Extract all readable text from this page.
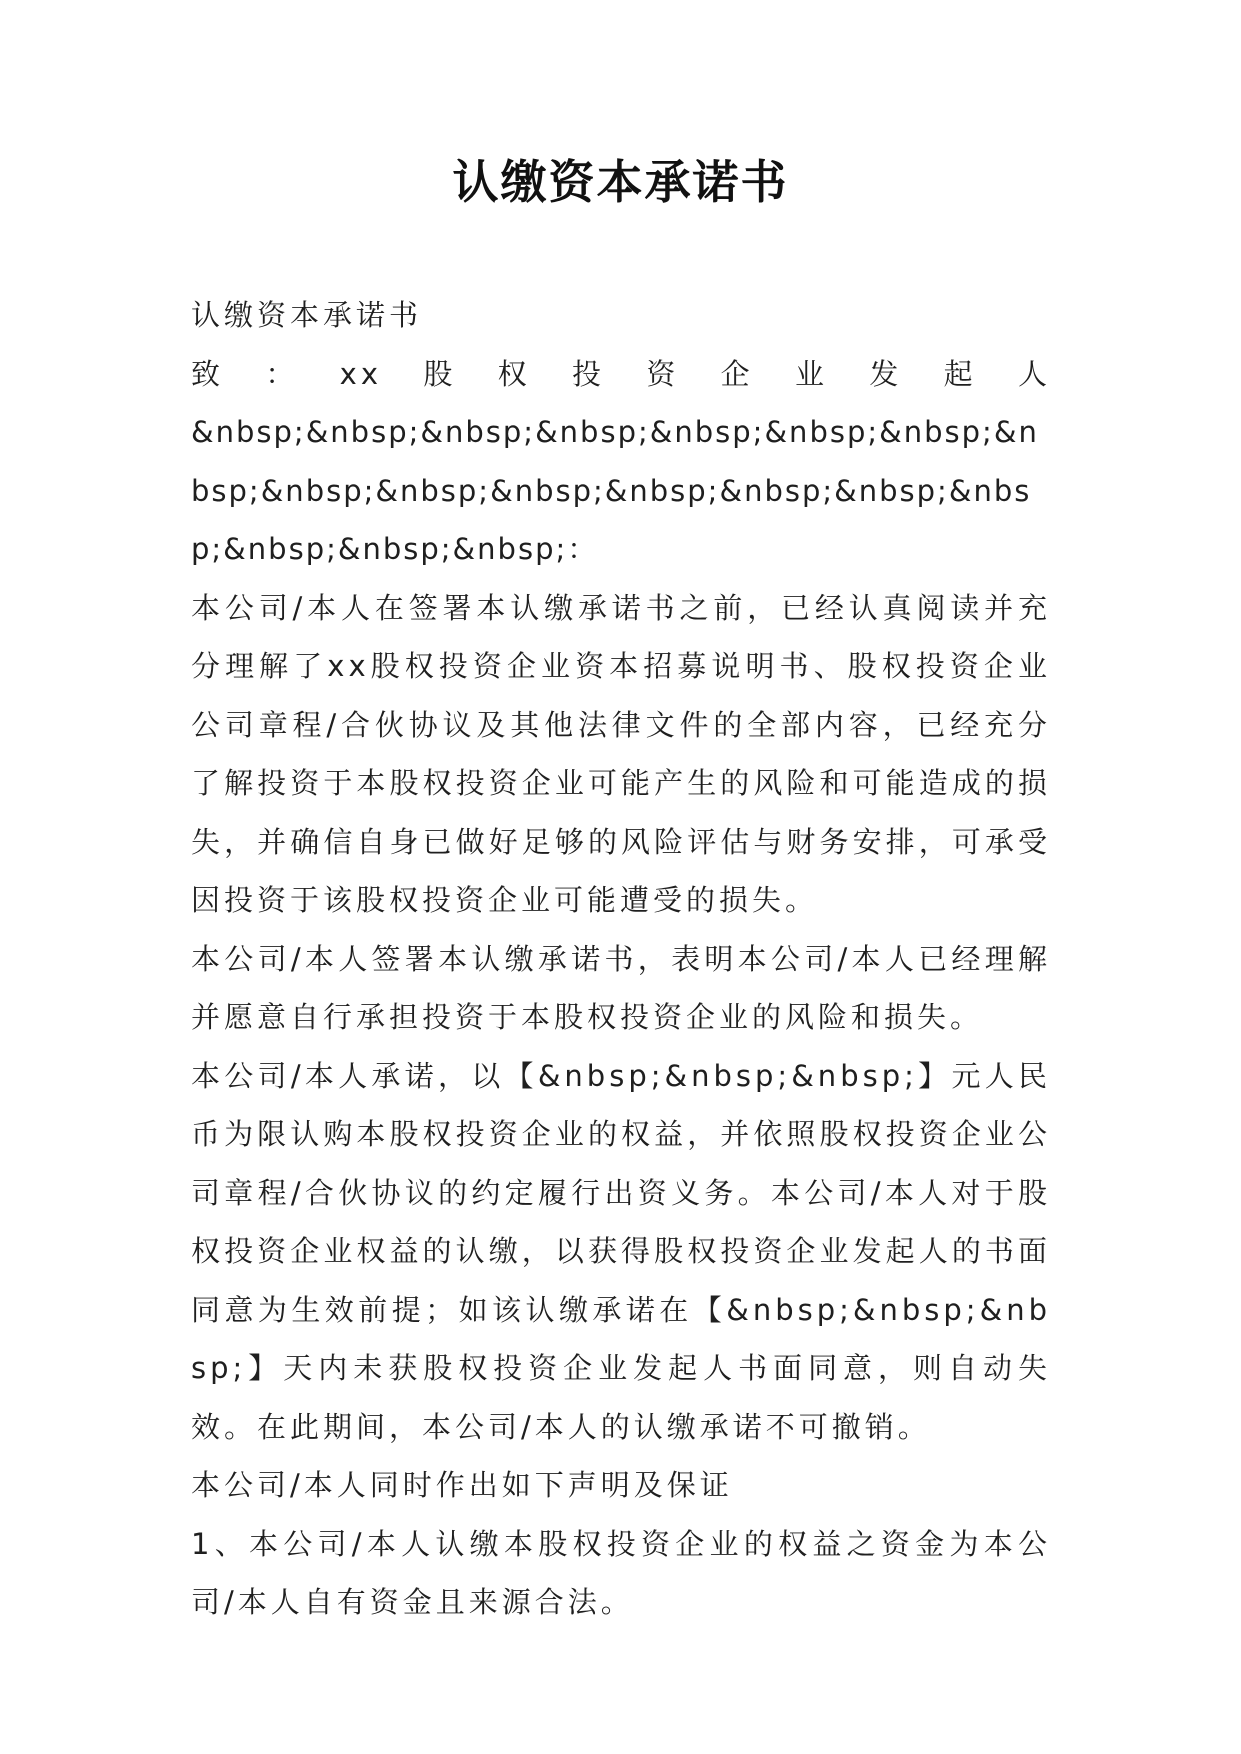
认缴资本承诺书

认缴资本承诺书

致：xx股权投资企业发起人

&nbsp;&nbsp;&nbsp;&nbsp;&nbsp;&nbsp;&nbsp;&nbsp;&nbsp;&nbsp;&nbsp;&nbsp;&nbsp;&nbsp;&nbsp;&nbsp;&nbsp;&nbsp;：

本公司/本人在签署本认缴承诺书之前，已经认真阅读并充分理解了xx股权投资企业资本招募说明书、股权投资企业公司章程/合伙协议及其他法律文件的全部内容，已经充分了解投资于本股权投资企业可能产生的风险和可能造成的损失，并确信自身已做好足够的风险评估与财务安排，可承受因投资于该股权投资企业可能遭受的损失。

本公司/本人签署本认缴承诺书，表明本公司/本人已经理解并愿意自行承担投资于本股权投资企业的风险和损失。

本公司/本人承诺，以【&nbsp;&nbsp;&nbsp;】元人民币为限认购本股权投资企业的权益，并依照股权投资企业公司章程/合伙协议的约定履行出资义务。本公司/本人对于股权投资企业权益的认缴，以获得股权投资企业发起人的书面同意为生效前提；如该认缴承诺在【&nbsp;&nbsp;&nbsp;】天内未获股权投资企业发起人书面同意，则自动失效。在此期间，本公司/本人的认缴承诺不可撤销。

本公司/本人同时作出如下声明及保证

1、本公司/本人认缴本股权投资企业的权益之资金为本公司/本人自有资金且来源合法。
